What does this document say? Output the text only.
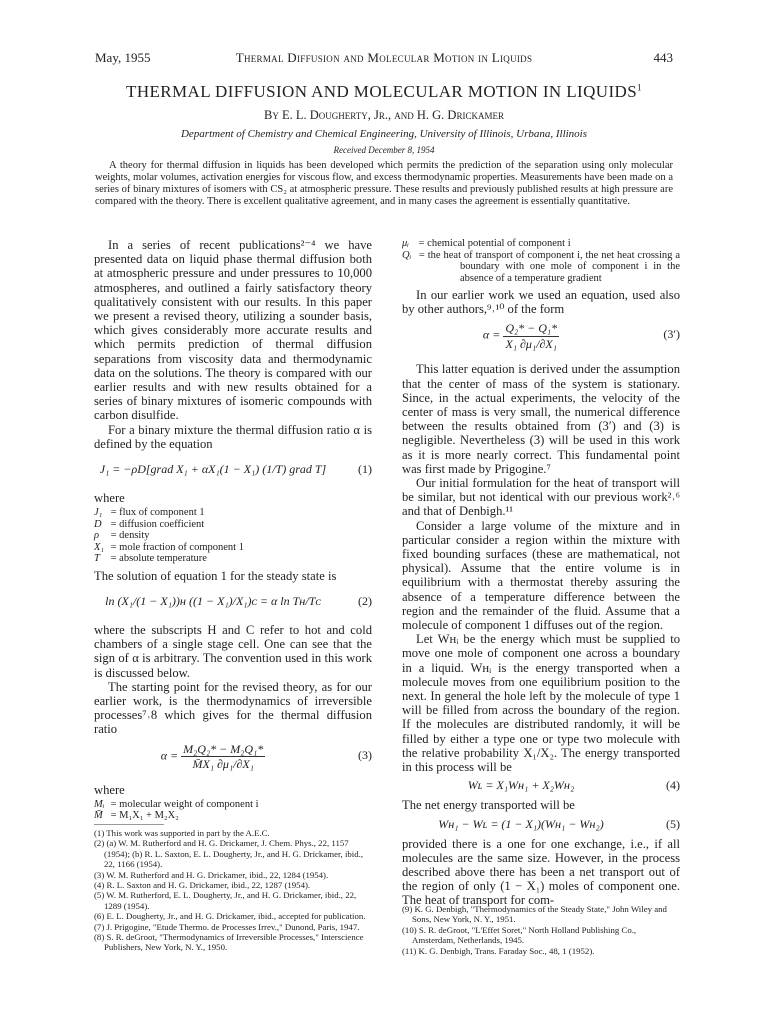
May, 1955	Thermal Diffusion and Molecular Motion in Liquids	443
THERMAL DIFFUSION AND MOLECULAR MOTION IN LIQUIDS$^1$
By E. L. Dougherty, Jr., and H. G. Drickamer
Department of Chemistry and Chemical Engineering, University of Illinois, Urbana, Illinois
Received December 8, 1954
A theory for thermal diffusion in liquids has been developed which permits the prediction of the separation using only molecular weights, molar volumes, activation energies for viscous flow, and excess thermodynamic properties. Measurements have been made on a series of binary mixtures of isomers with CS₂ at atmospheric pressure. These results and previously published results at high pressure are compared with the theory. There is excellent qualitative agreement, and in many cases the agreement is essentially quantitative.

In a series of recent publications²⁻⁴ we have presented data on liquid phase thermal diffusion both at atmospheric pressure and under pressures to 10,000 atmospheres, and outlined a fairly satisfactory theory qualitatively consistent with our results. In this paper we present a revised theory, utilizing a sounder basis, which gives considerably more accurate results and which permits prediction of thermal diffusion separations from viscosity data and thermodynamic data on the solutions. The theory is compared with our earlier results and with new results obtained for a series of binary mixtures of isomeric compounds with carbon disulfide.

For a binary mixture the thermal diffusion ratio α is defined by the equation

J₁ = −ρD[grad X₁ + αX₁(1 − X₁) (1/T) grad T]	(1)

where

J₁ = flux of component 1
D = diffusion coefficient
ρ = density
X₁ = mole fraction of component 1
T = absolute temperature

The solution of equation 1 for the steady state is

ln (X₁/(1 − X₁))ʜ ((1 − X₁)/X₁)ᴄ = α ln Tʜ/Tᴄ	(2)

where the subscripts H and C refer to hot and cold chambers of a single stage cell. One can see that the sign of α is arbitrary. The convention used in this work is discussed below.

The starting point for the revised theory, as for our earlier work, is the thermodynamics of irreversible processes⁷˒8 which gives for the thermal diffusion ratio

$\alpha = \frac{\text{M₂Q₂* − M₂Q₁*}}{\text{M̄X₁ ∂μ₁/∂X₁}}$	(3)

where

Mᵢ = molecular weight of component i
M̄ = M₁X₁ + M₂X₂
(1) This work was supported in part by the A.E.C.
(2) (a) W. M. Rutherford and H. G. Drickamer, J. Chem. Phys., 22, 1157 (1954); (b) R. L. Saxton, E. L. Dougherty, Jr., and H. G. Drickamer, ibid., 22, 1166 (1954).
(3) W. M. Rutherford and H. G. Drickamer, ibid., 22, 1284 (1954).
(4) R. L. Saxton and H. G. Drickamer, ibid., 22, 1287 (1954).
(5) W. M. Rutherford, E. L. Dougherty, Jr., and H. G. Drickamer, ibid., 22, 1289 (1954).
(6) E. L. Dougherty, Jr., and H. G. Drickamer, ibid., accepted for publication.
(7) J. Prigogine, "Etude Thermo. de Processes Irrev.," Dunond, Paris, 1947.
(8) S. R. deGroot, "Thermodynamics of Irreversible Processes," Interscience Publishers, New York, N. Y., 1950.
μᵢ = chemical potential of component i
Qᵢ = the heat of transport of component i, the net heat crossing a boundary with one mole of component i in the absence of a temperature gradient

In our earlier work we used an equation, used also by other authors,⁹˒¹⁰ of the form

$\alpha = \frac{\text{Q₂* − Q₁*}}{\text{X₁ ∂μ₁/∂X₁}}$	(3′)

This latter equation is derived under the assumption that the center of mass of the system is stationary. Since, in the actual experiments, the velocity of the center of mass is very small, the numerical difference between the results obtained from (3′) and (3) is negligible. Nevertheless (3) will be used in this work as it is more nearly correct. This fundamental point was first made by Prigogine.⁷

Our initial formulation for the heat of transport will be similar, but not identical with our previous work²˒⁶ and that of Denbigh.¹¹

Consider a large volume of the mixture and in particular consider a region within the mixture with fixed bounding surfaces (these are mathematical, not physical). Assume that the entire volume is in equilibrium with a thermostat thereby assuring the absence of a temperature difference between the region and the remainder of the fluid. Assume that a molecule of component 1 diffuses out of the region.

Let Wʜᵢ be the energy which must be supplied to move one mole of component one across a boundary in a liquid. Wʜᵢ is the energy transported when a molecule moves from one equilibrium position to the next. In general the hole left by the molecule of type 1 will be filled from across the boundary of the region. If the molecules are distributed randomly, it will be filled by either a type one or type two molecule with the relative probability X₁/X₂. The energy transported in this process will be

Wʟ = X₁Wʜ₁ + X₂Wʜ₂	(4)

The net energy transported will be

Wʜ₁ − Wʟ = (1 − X₁)(Wʜ₁ − Wʜ₂)	(5)

provided there is a one for one exchange, i.e., if all molecules are the same size. However, in the process described above there has been a net transport out of the region of only (1 − X₁) moles of component one. The heat of transport for com-

(9) K. G. Denbigh, "Thermodynamics of the Steady State," John Wiley and Sons, New York, N. Y., 1951.
(10) S. R. deGroot, "L'Effet Soret," North Holland Publishing Co., Amsterdam, Netherlands, 1945.
(11) K. G. Denbigh, Trans. Faraday Soc., 48, 1 (1952).
